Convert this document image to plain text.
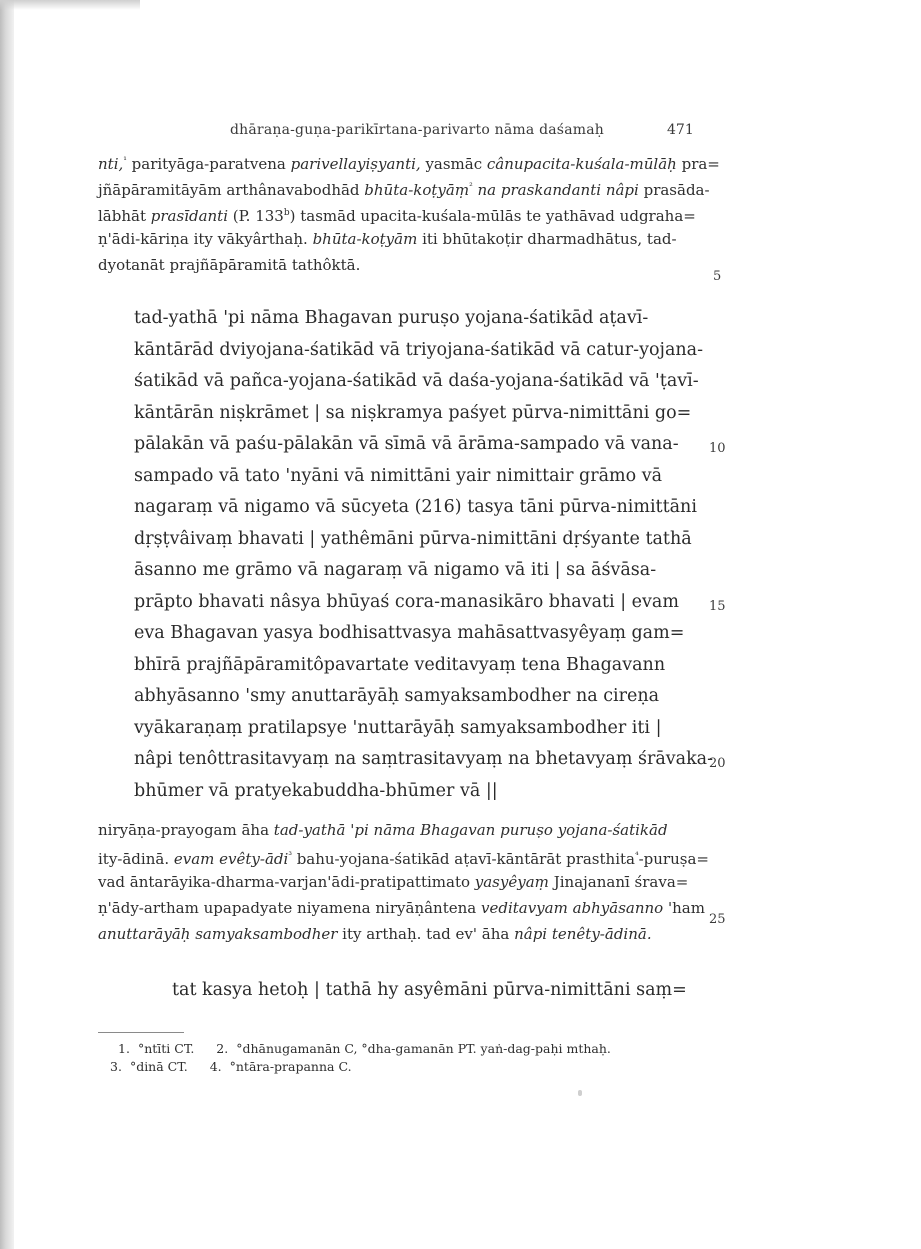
dhāraṇa-guṇa-parikīrtana-parivarto nāma daśamaḥ	471
nti,$^{^1}$ parityāga-paratvena parivellayiṣyanti, yasmāc cânupacita-kuśala-mūlāḥ pra=
jñāpāramitāyām arthânavabodhād bhūta-koṭyāṃ$^{^2}$ na praskandanti nâpi prasāda-
lābhāt prasīdanti (P. 133$^b$) tasmād upacita-kuśala-mūlās te yathāvad udgraha=
ṇ'ādi-kāriṇa ity vākyârthaḥ. bhūta-koṭyām iti bhūtakoṭir dharmadhātus, tad-
dyotanāt prajñāpāramitā tathôktā.
tad-yathā 'pi nāma Bhagavan puruṣo yojana-śatikād aṭavī-
kāntārād dviyojana-śatikād vā triyojana-śatikād vā catur-yojana-
śatikād vā pañca-yojana-śatikād vā daśa-yojana-śatikād vā 'ṭavī-
kāntārān niṣkrāmet | sa niṣkramya paśyet pūrva-nimittāni go=
pālakān vā paśu-pālakān vā sīmā vā ārāma-sampado vā vana-
sampado vā tato 'nyāni vā nimittāni yair nimittair grāmo vā
nagaraṃ vā nigamo vā sūcyeta (216) tasya tāni pūrva-nimittāni
dṛṣṭvâivaṃ bhavati | yathêmāni pūrva-nimittāni dṛśyante tathā
āsanno me grāmo vā nagaraṃ vā nigamo vā iti | sa āśvāsa-
prāpto bhavati nâsya bhūyaś cora-manasikāro bhavati | evam
eva Bhagavan yasya bodhisattvasya mahāsattvasyêyaṃ gam=
bhīrā prajñāpāramitôpavartate veditavyaṃ tena Bhagavann
abhyāsanno 'smy anuttarāyāḥ samyaksambodher na cireṇa
vyākaraṇaṃ pratilapsye 'nuttarāyāḥ samyaksambodher iti |
nâpi tenôttrasitavyaṃ na saṃtrasitavyaṃ na bhetavyaṃ śrāvaka-
bhūmer vā pratyekabuddha-bhūmer vā ||
niryāṇa-prayogam āha tad-yathā 'pi nāma Bhagavan puruṣo yojana-śatikād
ity-ādinā. evam evêty-ādi$^{^3}$ bahu-yojana-śatikād aṭavī-kāntārāt prasthita$^{^4}$-puruṣa=
vad āntarāyika-dharma-varjan'ādi-pratipattimato yasyêyaṃ Jinajananī śrava=
ṇ'ādy-artham upapadyate niyamena niryāṇântena veditavyam abhyāsanno 'ham
anuttarāyāḥ samyaksambodher ity arthaḥ. tad ev' āha nâpi tenêty-ādinā.
tat kasya hetoḥ | tathā hy asyêmāni pūrva-nimittāni saṃ=
5
10
15
20
25
1. °ntīti CT. 2. °dhānugamanān C, °dha-gamanān PT. yaṅ-dag-paḥi mthaḥ.
3. °dinā CT. 4. °ntāra-prapanna C.
